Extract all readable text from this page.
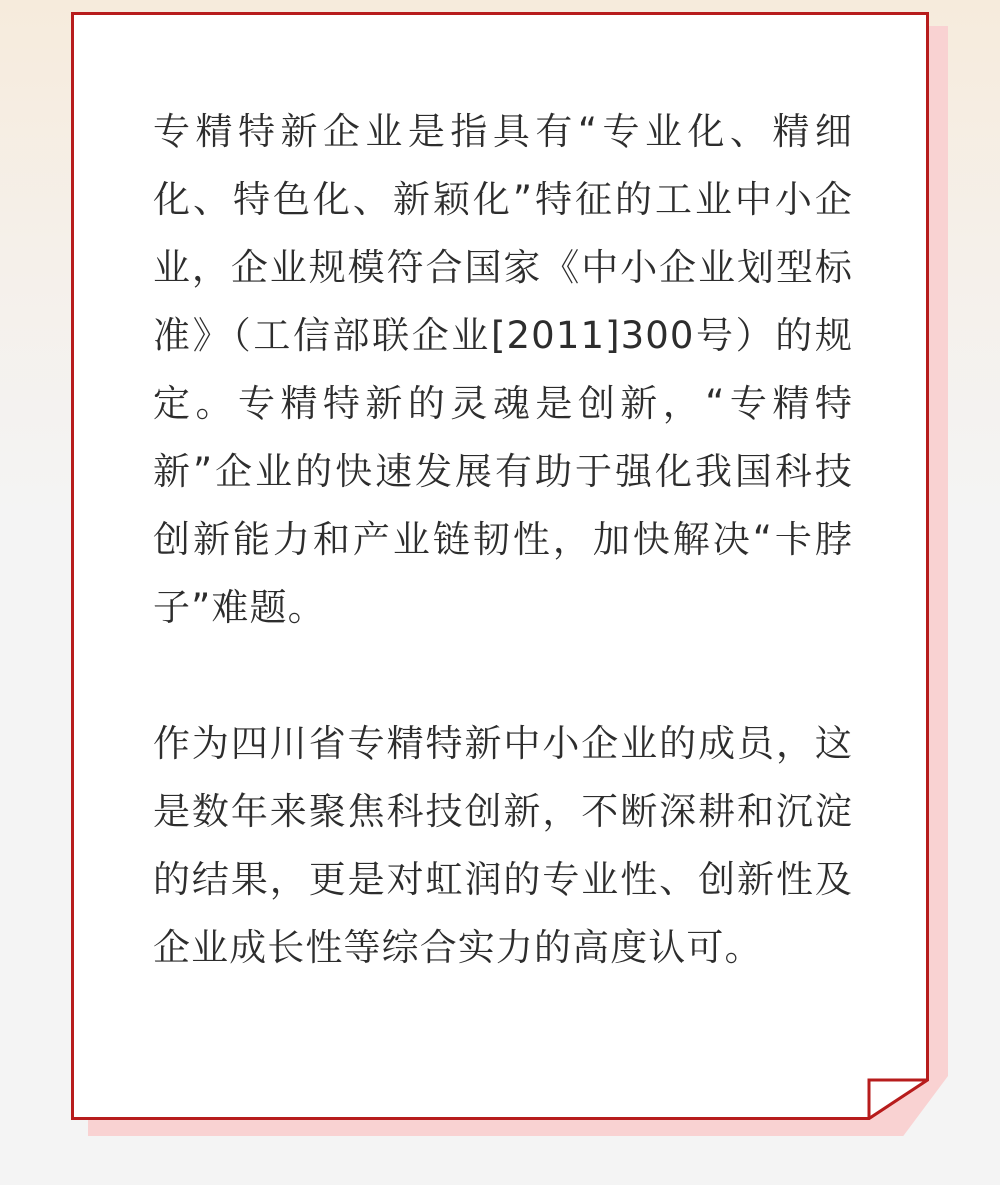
专精特新企业是指具有“专业化、精细化、特色化、新颖化”特征的工业中小企业，企业规模符合国家《中小企业划型标准》（工信部联企业[2011]300号）的规定。专精特新的灵魂是创新，“专精特新”企业的快速发展有助于强化我国科技创新能力和产业链韧性，加快解决“卡脖子”难题。

作为四川省专精特新中小企业的成员，这是数年来聚焦科技创新，不断深耕和沉淀的结果，更是对虹润的专业性、创新性及企业成长性等综合实力的高度认可。
